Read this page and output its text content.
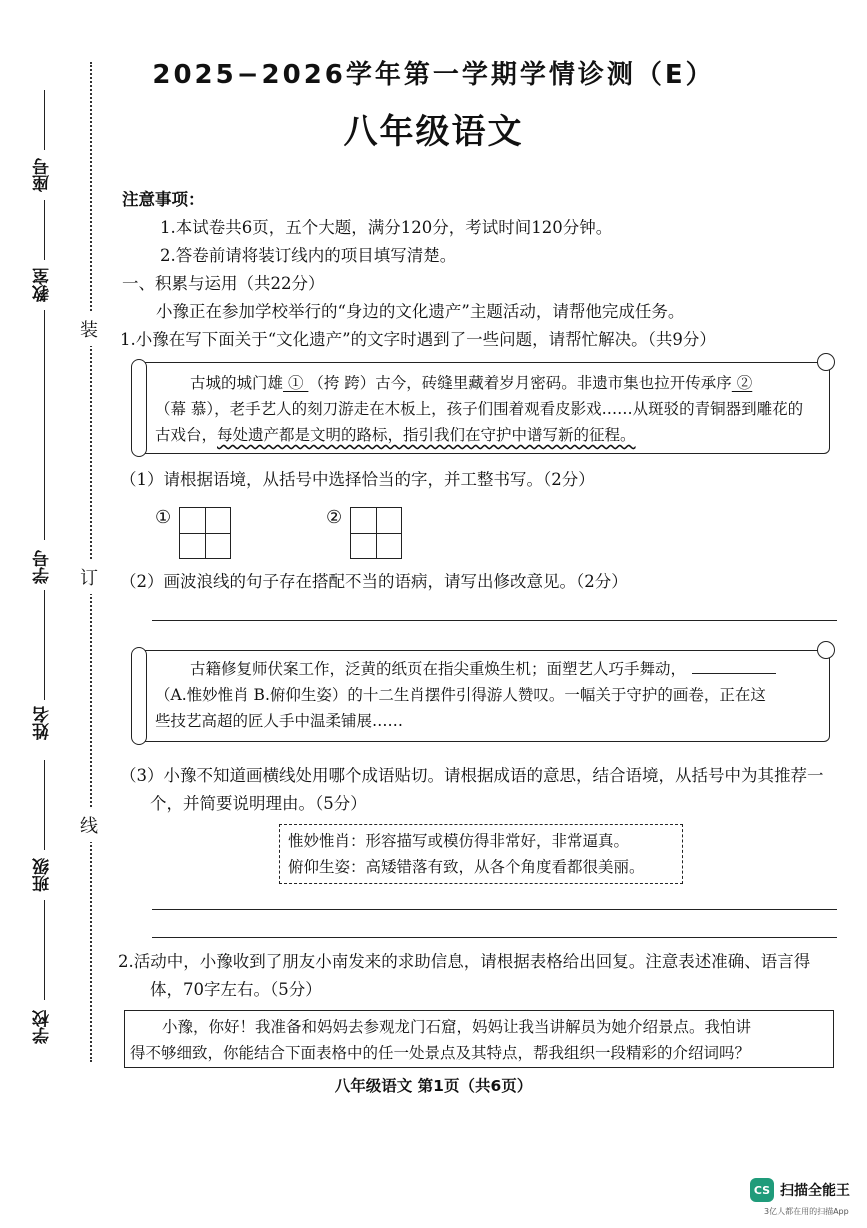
座号
教室
学号
姓名
班级
学校
装
订
线
2025−2026学年第一学期学情诊测（E）
八年级语文
注意事项：
1.本试卷共6页，五个大题，满分120分，考试时间120分钟。
2.答卷前请将装订线内的项目填写清楚。
一、积累与运用（共22分）
小豫正在参加学校举行的“身边的文化遗产”主题活动，请帮他完成任务。
1.小豫在写下面关于“文化遗产”的文字时遇到了一些问题，请帮忙解决。（共9分）
古城的城门雄 ① （挎 跨）古今，砖缝里藏着岁月密码。非遗市集也拉开传承序 ②
（幕 慕），老手艺人的刻刀游走在木板上，孩子们围着观看皮影戏……从斑驳的青铜器到雕花的
古戏台，每处遗产都是文明的路标，指引我们在守护中谱写新的征程。
（1）请根据语境，从括号中选择恰当的字，并工整书写。（2分）
①	②
（2）画波浪线的句子存在搭配不当的语病，请写出修改意见。（2分）
古籍修复师伏案工作，泛黄的纸页在指尖重焕生机；面塑艺人巧手舞动，
（A.惟妙惟肖 B.俯仰生姿）的十二生肖摆件引得游人赞叹。一幅关于守护的画卷，正在这
些技艺高超的匠人手中温柔铺展……
（3）小豫不知道画横线处用哪个成语贴切。请根据成语的意思，结合语境，从括号中为其推荐一
个，并简要说明理由。（5分）
惟妙惟肖：形容描写或模仿得非常好，非常逼真。
俯仰生姿：高矮错落有致，从各个角度看都很美丽。
2.活动中，小豫收到了朋友小南发来的求助信息，请根据表格给出回复。注意表述准确、语言得
体，70字左右。（5分）
小豫，你好！我准备和妈妈去参观龙门石窟，妈妈让我当讲解员为她介绍景点。我怕讲
得不够细致，你能结合下面表格中的任一处景点及其特点，帮我组织一段精彩的介绍词吗？
八年级语文 第1页（共6页）
CS 扫描全能王
3亿人都在用的扫描App
